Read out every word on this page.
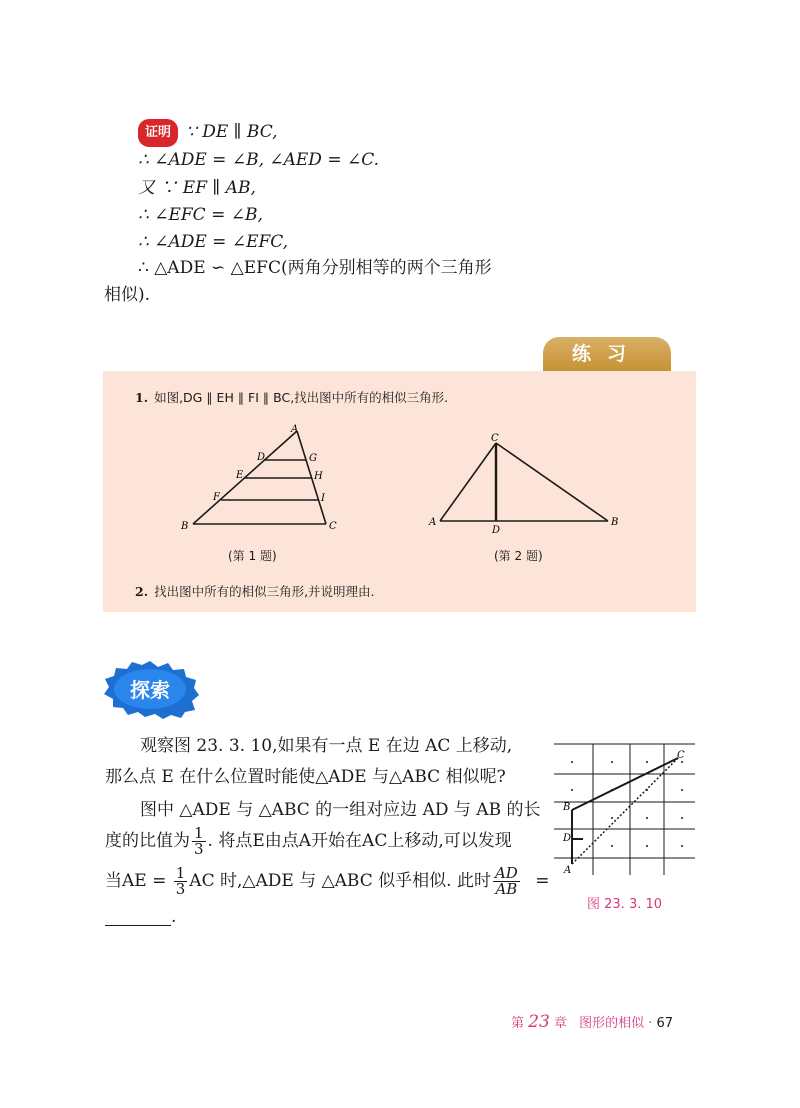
证明 ∵ DE ∥ BC,
∴ ∠ADE = ∠B, ∠AED = ∠C.
又 ∵ EF ∥ AB,
∴ ∠EFC = ∠B,
∴ ∠ADE = ∠EFC,
∴ △ADE ∽ △EFC(两角分别相等的两个三角形
相似).
练习
1. 如图,DG ∥ EH ∥ FI ∥ BC,找出图中所有的相似三角形.
A
D	G
E	H
F	I
B	C
(第 1 题)
C
A
D
B
(第 2 题)
2. 找出图中所有的相似三角形,并说明理由.
探索
观察图 23. 3. 10,如果有一点 E 在边 AC 上移动,
那么点 E 在什么位置时能使△ADE 与△ABC 相似呢?
图中 △ADE 与 △ABC 的一组对应边 AD 与 AB 的长
度的比值为 $\frac{1}{3}$ . 将点E由点A开始在AC上移动,可以发现
当AE = $\frac{1}{3}$ AC 时,△ADE 与 △ABC 似乎相似. 此时 $\frac{AD}{AB}$ =
.
C
B
D
A
图 23. 3. 10
第 23 章 图形的相似 · 67
